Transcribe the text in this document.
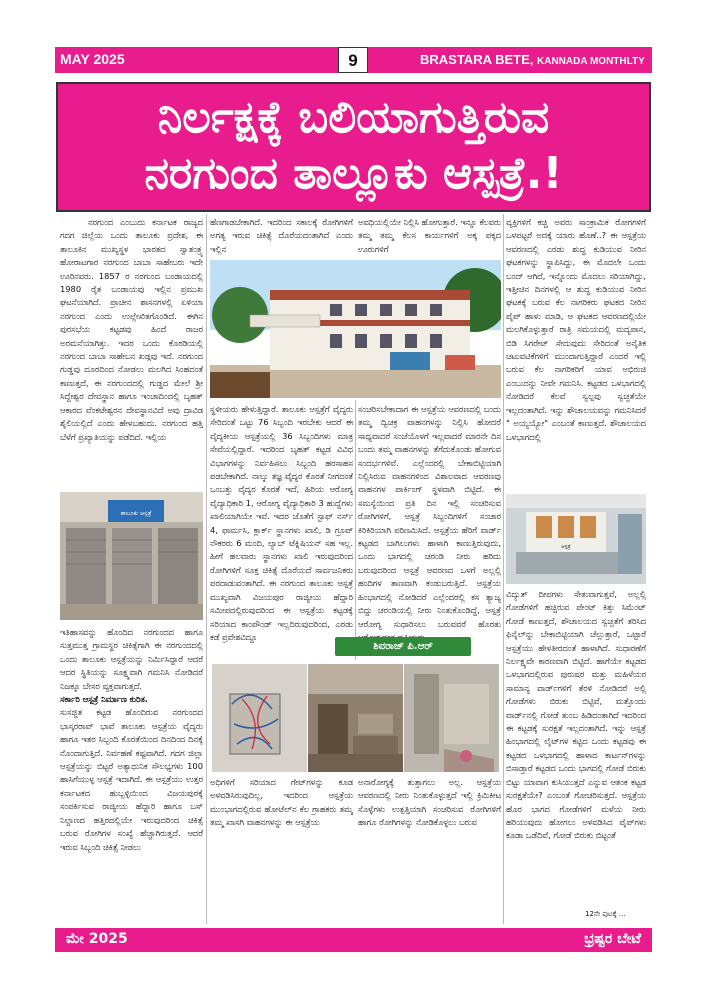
MAY 2025	9	BRASTARA BETE, KANNADA MONTHLTY
ನಿರ್ಲಕ್ಷಕ್ಕೆ ಬಲಿಯಾಗುತ್ತಿರುವ
ನರಗುಂದ ತಾಲ್ಲೂಕು ಆಸ್ಪತ್ರೆ.!

ನರಗುಂದ ಎಂಬುದು ಕರ್ನಾಟಕ ರಾಜ್ಯದ ಗದಗ ಜಿಲ್ಲೆಯ ಒಂದು ತಾಲೂಕು ಪ್ರದೇಶ, ಈ ತಾಲೂಕಿನ ಮುಖ್ಯಸ್ಥಳ ಭಾರತದ ಸ್ವಾತಂತ್ರ್ಯ ಹೋರಾಟಗಾರ ನರಗುಂದ ಬಾಬಾ ಸಾಹೇಬರು ಇದೇ ಊರಿನವರು. 1857 ರ ನರಗುಂದ ಬಂಡಾಯದಲ್ಲಿ 1980 ರೈತ ಬಂಡಾಯವು ಇಲ್ಲಿನ ಪ್ರಮುಖ ಘಟನೆಯಾಗಿದೆ. ಪ್ರಾಚೀನ ಶಾಸನಗಳಲ್ಲಿ ಏಳಿಯಾ ನರಗುಂದ ಎಂದು ಉಲ್ಲೇಖಿತಗೊಂಡಿದೆ. ಈಗಿನ ಪುರಸಭೆಯ ಕಟ್ಟಡವು ಹಿಂದೆ ರಾಜರ ಅರಮನೆಯಾಗಿತ್ತು. ಇದರ ಒಂದು ಕೊಠಡಿಯಲ್ಲಿ ನರಗುಂದ ಬಾಬಾ ಸಾಹೇಬನ ಖಡ್ಗವು ಇದೆ. ನರಗುಂದ ಗುಡ್ಡವು ದೂರದಿಂದ ನೋಡಲು ಮಲಗಿದ ಸಿಂಹದಂತೆ ಕಾಣುತ್ತದೆ, ಈ ನರಗುಂದದಲ್ಲಿ ಗುಡ್ಡದ ಮೇಲೆ ಶ್ರೀ ಸಿದ್ದೇಶ್ವರ ದೇವಸ್ಥಾನ ಹಾಗೂ ಇಂಚಾದಿಂದಲ್ಲಿ ಬೃಹತ್ ಆಕಾರದ ವೆಂಕಟೇಶ್ವರನ ದೇವಸ್ಥಾನವಿದೆ ಅವು ದ್ರಾವಿಡ ಶೈಲಿಯಲ್ಲಿದೆ ಎಂದು ಹೇಳಬಹುದು. ನರಗುಂದ ಹತ್ತಿ ಬೆಳೆಗೆ ಪ್ರಖ್ಯಾತಿಯನ್ನು ಪಡೆದಿದೆ. ಇಲ್ಲಿಯ

ತಾಲೂಕು ಆಸ್ಪತ್ರೆ

ಇತಿಹಾಸವನ್ನು ಹೊಂದಿದ ನರಗುಂದದ ಹಾಗೂ ಸುತ್ತಮುತ್ತ ಗ್ರಾಮಸ್ಥರ ಚಿಕಿತ್ಸೆಗಾಗಿ ಈ ನರಗುಂದದಲ್ಲಿ ಒಂದು ತಾಲೂಕು ಆಸ್ಪತ್ರೆಯನ್ನು ನಿರ್ಮಿಸಿದ್ದಾರೆ ಆದರೆ ಆದರ ಸ್ಥಿತಿಯನ್ನು ಸೂಕ್ಷ್ಮವಾಗಿ ಗಮನಿಸಿ ನೋಡಿದರೆ ನಿಜಕ್ಕೂ ಬೇಸರ ವ್ಯಕ್ತವಾಗುತ್ತದೆ.

ಸರ್ಕಾರಿ ಆಸ್ಪತ್ರೆ ನಿರ್ಮಾಣ ಕುರಿತ.

ಸುಸಜ್ಜಿತ ಕಟ್ಟಡ ಹೊಂದಿರುವ ನರಗುಂದದ ಭಾಸ್ಕರರಾವ್ ಭಾವೆ ತಾಲೂಕು ಆಸ್ಪತ್ರೆಯ ವೈದ್ಯರು ಹಾಗೂ ಇತರ ಸಿಬ್ಬಂದಿ ಕೊರತೆಯಿಂದ ದಿನದಿಂದ ದಿನಕ್ಕೆ ನೊಂದಾಗುತ್ತಿದೆ. ನಿರ್ವಹಣೆ ಕಷ್ಟವಾಗಿದೆ. ಗದಗ ಜಿಲ್ಲಾ ಆಸ್ಪತ್ರೆಯನ್ನು ಬಿಟ್ಟರೆ ಅತ್ಯಾಧುನಿಕ ಸೌಲಭ್ಯಗಳು 100 ಹಾಸಿಗೆಯುಳ್ಳ ಆಸ್ಪತ್ರೆ ಇದಾಗಿದೆ. ಈ ಆಸ್ಪತ್ರೆಯು ಉತ್ತರ ಕರ್ನಾಟಕದ ಹುಬ್ಬಳ್ಳಿಯಿಂದ ವಿಜಯಪುರಕ್ಕೆ ಸಂಪರ್ಕಿಸುವ ರಾಜ್ಯೀಯ ಹೆದ್ದಾರಿ ಹಾಗೂ ಬಸ್ ನಿಲ್ದಾಣದ ಹತ್ತಿರದಲ್ಲಿಯೇ ಇರುವುದರಿಂದ ಚಿಕಿತ್ಸೆ ಬರುವ ರೋಗಿಗಳ ಸಂಖ್ಯೆ ಹೆಚ್ಚಾಗಿರುತ್ತದೆ. ಆದರೆ ಇರುವ ಸಿಬ್ಬಂದಿ ಚಿಕಿತ್ಸೆ ನೀಡಲು

ಹೆಣಗಾಡಬೇಕಾಗಿದೆ. ಇದರಿಂದ ಸಕಾಲಕ್ಕೆ ರೋಗಿಗಳಿಗೆ ಅಗತ್ಯ ಇರುವ ಚಿಕಿತ್ಸೆ ದೊರೆಯದಂತಾಗಿದೆ ಎಂದು ಇಲ್ಲಿನ

ಅವಧಿಯಲ್ಲಿಯೇ ನಿಲ್ಲಿಸಿ ಹೋಗುತ್ತಾರೆ. ಇನ್ನೂ ಕೆಲವರು ತಮ್ಮ ತಮ್ಮ ಕೆಲಸ ಕಾರ್ಯಗಳಿಗೆ ಅಕ್ಕ ಪಕ್ಕದ ಊರುಗಳಿಗೆ

ವ್ಯಕ್ತಿಗಳಿಗೆ ಕಚ್ಚಿ ಅವರು ಸಾಂಕ್ರಾಮಿಕ ರೋಗಗಳಿಗೆ ಒಳಪಟ್ಟರೆ ಅದಕ್ಕೆ ಯಾರು ಹೊಣೆ..? ಈ ಆಸ್ಪತ್ರೆಯ ಆವರಣದಲ್ಲಿ ಎರಡು ಶುದ್ಧ ಕುಡಿಯುವ ನೀರಿನ ಘಟಕಗಳನ್ನು ಸ್ಥಾಪಿಸಿದ್ದು, ಈ ಮೊದಲೇ ಒಂದು ಬಂದ್ ಆಗಿದೆ, ಇನ್ನೊಂದು ಮೊದಲು ಸರಿಯಾಗಿದ್ದು, ಇತ್ತೀಚಿನ ದಿನಗಳಲ್ಲಿ ಆ ಶುದ್ಧ ಕುಡಿಯುವ ನೀರಿನ ಘಟಕಕ್ಕೆ ಬರುವ ಕೆಲ ನಾಗರಿಕರು ಘಟಕದ ನೀರಿನ ಪೈಪ್ ಹಾಳು ಮಾಡಿ, ಆ ಘಟಕದ ಆವರಣದಲ್ಲಿಯೇ ಮಲಗಿಕೊಳ್ಳುತ್ತಾರೆ ರಾತ್ರಿ ಸಮಯದಲ್ಲಿ ಮದ್ಯಪಾನ, ಬಿಡಿ ಸಿಗರೇಟ್ ಸೇದುವುದು ಸೇರಿದಂತೆ ಅನೈತಿಕ ಚಟುವಟಿಕೆಗಳಿಗೆ ಮುಂದಾಗುತ್ತಿದ್ದಾರೆ ಎಂದರೆ ಇಲ್ಲಿ ಬರುವ ಕೆಲ ನಾಗರಿಕರಿಗೆ ಯಾವ ಅಭಿರುಚಿ ಎಂಬುದನ್ನು ನೀವೇ ಗಮನಿಸಿ. ಕಟ್ಟಡದ ಒಳಭಾಗದಲ್ಲಿ ನೋಡಿದರೆ ಕೆಲವೆ ಸ್ವಲ್ಪವು ಸ್ವಚ್ಛತೆಯೇ ಇಲ್ಲದಂತಾಗಿದೆ. ಇನ್ನು ಶೌಚಾಲಯವನ್ನು ಗಮನಿಸಿದರೆ " ಅಯ್ಯಯ್ಯೋ" ಎಂಬಂತೆ ಕಾಣುತ್ತದೆ. ಶೌಚಾಲಯದ ಒಳಭಾಗದಲ್ಲಿ

ಸ್ಥಳೀಯರು ಹೇಳುತ್ತಿದ್ದಾರೆ. ತಾಲೂಕು ಆಸ್ಪತ್ರೆಗೆ ವೈದ್ಯರು ಸೇರಿದಂತೆ ಒಟ್ಟು 76 ಸಿಬ್ಬಂದಿ ಇರಬೇಕು ಆದರೆ ಈ ವೈದ್ಯಕೀಯ ಆಸ್ಪತ್ರೆಯಲ್ಲಿ 36 ಸಿಬ್ಬಂದಿಗಳು ಮಾತ್ರ ಸೇವೆಯಲ್ಲಿದ್ದಾರೆ. ಇದರಿಂದ ಬೃಹತ್ ಕಟ್ಟಡ ವಿವಿಧ ವಿಭಾಗಗಳನ್ನು ನಿರ್ವಹಿಸಲು ಸಿಬ್ಬಂದಿ ಹರಸಾಹಸ ಪಡಬೇಕಾಗಿದೆ. ನಾಲ್ಕು ತಜ್ಞ ವೈದ್ಯರ ಕೊರತೆ ನೀಗದಂತೆ ಒಂಬತ್ತು ವೈದ್ಯರ ಕೊರತೆ ಇದೆ, ಹಿರಿಯ ಆರೋಗ್ಯ ವೈದ್ಯಾಧಿಕಾರಿ 1, ಆರೋಗ್ಯ ವೈದ್ಯಾಧಿಕಾರಿ 3 ಹುದ್ದೆಗಳು ಖಾಲಿಯಾಗಿಯೇ ಇವೆ. ಇದರ ಜೊತೆಗೆ ಸ್ಟಾಫ್ ನರ್ಸ್ 4, ಫಾರ್ಮಸಿ, ಕ್ಲಾರ್ಕ್ ಸ್ಥಾನಗಳು ಖಾಲಿ, ಡಿ ಗ್ರೂಪ್ ನೌಕರರು 6 ಮಂದಿ, ಲ್ಯಾಬ್ ಟೆಕ್ನಿಷಿಯನ್ ಸಹ ಇಲ್ಲ. ಹೀಗೆ ಹಲವಾರು ಸ್ಥಾನಗಳು ಖಾಲಿ ಇರುವುದರಿಂದ ರೋಗಿಗಳಿಗೆ ಸೂಕ್ತ ಚಿಕಿತ್ಸೆ ದೊರೆಯದೆ ಸಾರ್ವಜನಿಕರು ಪರದಾಡುವಂತಾಗಿದೆ. ಈ ನರಗುಂದ ತಾಲೂಕು ಆಸ್ಪತ್ರೆ ಮುಖ್ಯವಾಗಿ ವಿಜಯಪುರ ರಾಜ್ಯೀಯ ಹೆದ್ದಾರಿ ಸಮೀಪದಲ್ಲಿರುವುದರಿಂದ ಈ ಆಸ್ಪತ್ರೆಯ ಕಟ್ಟಡಕ್ಕೆ ಸರಿಯಾದ ಕಾಂಪೌಂಡ್ ಇಲ್ಲದಿರುವುದರಿಂದ, ಎರಡು ಕಡೆ ಪ್ರವೇಶವಿದ್ದೂ

ಸಂಚರಿಸಬೇಕಾದಾಗ ಈ ಆಸ್ಪತ್ರೆಯ ಆವರಣದಲ್ಲಿ ಬಂದು ತಮ್ಮ ದ್ವಿಚಕ್ರ ವಾಹನಗಳನ್ನು ನಿಲ್ಲಿಸಿ ಹೋದರೆ ಸಾಧ್ಯವಾದರೆ ಸಂಜೆಯೊಳಗೆ ಇಲ್ಲವಾದರೆ ಮಾರನೇ ದಿನ ಬಂದು ತಮ್ಮ ವಾಹನಗಳನ್ನು ತೆಗೆದುಕೊಂಡು ಹೋಗುವ ಸಂದರ್ಭಗಳಿವೆ. ಎಲ್ಲೆಂದರಲ್ಲಿ ಬೇಕಾಬಿಟ್ಟಿಯಾಗಿ ನಿಲ್ಲಿಸಿರುವ ವಾಹನಗಳಿಂದ ವಿಶಾಲವಾದ ಆವರಣವು ವಾಹನಗಳ ಪಾರ್ಕಿಂಗ್ ಸ್ಥಳವಾಗಿ ಬಿಟ್ಟಿದೆ. ಈ ಸಮಸ್ಯೆಯಿಂದ ಪ್ರತಿ ದಿನ ಇಲ್ಲಿ ಸಂಚರಿಸುವ ರೋಗಿಗಳಿಗೆ, ಆಸ್ಪತ್ರೆ ಸಿಬ್ಬಂದಿಗಳಿಗೆ ಸಂಚಾರ ಕಿರಿಕಿರಿಯಾಗಿ ಪರಿಣಮಿಸಿದೆ. ಆಸ್ಪತ್ರೆಯ ಹೆರಿಗೆ ವಾರ್ಡ್ ಕಟ್ಟಡದ ಬಾಗಿಲುಗಳು ಹಾಳಾಗಿ ಕಾಣುತ್ತಿರುವುದು, ಒಂದು ಭಾಗದಲ್ಲಿ ಚರಂಡಿ ನೀರು ಹರಿದು ಬರುವುದರಿಂದ ಆಸ್ಪತ್ರೆ ಆವರಣದ ಒಳಗೆ ಅಲ್ಲಲ್ಲಿ ಹಂದಿಗಳ ತಾಣವಾಗಿ ಕಂಡುಬರುತ್ತಿದೆ. ಆಸ್ಪತ್ರೆಯ ಹಿಂಭಾಗದಲ್ಲಿ ನೋಡಿದರೆ ಎಲ್ಲೆಂದರಲ್ಲಿ ಕಸ ತ್ಯಾಜ್ಯ ಬಿದ್ದು ಚರಂಡಿಯಲ್ಲಿ ನೀರು ನಿಂತುಕೊಂಡಿದ್ದೆ, ಆಸ್ಪತ್ರೆ ಆರೋಗ್ಯ ಸುಧಾರಿಸಲು ಬರುವವರೆ ಹೊರತು

ಶಿವರಾಜ್ ಪಿ.ಆರ್
ಆಸ್ಪತ್ರೆ

ವಿದ್ಯುತ್ ದೀಪಗಳು ಸೇತುವಾಗುತ್ತವೆ, ಅಲ್ಲಲ್ಲಿ ಗೋಡೆಗಳಿಗೆ ಹಚ್ಚಿರುವ ಪೇಂಟ್ ಕಿತ್ತು ಸಿಮೆಂಟ್ ಗೋಡೆ ಕಾಣುತ್ತದೆ, ಶೌಚಾಲಯದ ಸ್ವಚ್ಛತೆಗೆ ತರಿಸಿದ ಫಿನೈಲ್‌ನ್ನು ಬೇಕಾಬಿಟ್ಟಿಯಾಗಿ ಚೆಲ್ಲುತ್ತಾರೆ, ಒಟ್ಟಾರೆ ಆಸ್ಪತ್ರೆಯು ಹೇಳತೀರದಂತೆ ಹಾಳಾಗಿದೆ. ಸುಧಾರಣೆಗೆ ನಿರ್ಲಕ್ಷ್ಯವೇ ಕಾರಣವಾಗಿ ಬಿಟ್ಟಿದೆ. ಹಾಗೆಯೇ ಕಟ್ಟಡದ ಒಳಭಾಗದಲ್ಲಿರುವ ಪುರುಷರ ಮತ್ತು ಮಹಿಳೆಯರ ಸಾಮಾನ್ಯ ವಾರ್ಡ್‌ಗಳಿಗೆ ತೆರಳಿ ನೋಡಿದರೆ ಅಲ್ಲಿ ಗೋಡೆಗಳು ಬಿರುಕು ಬಿಟ್ಟಿವೆ, ಮತ್ತೊಂದು ವಾರ್ಡ್‌ನಲ್ಲಿ ಗೋಡೆ ತುಂಬ ಹಿಡಿದಂತಾಗಿದೆ ಇದರಿಂದ ಈ ಕಟ್ಟಡಕ್ಕೆ ಸುರಕ್ಷತೆ ಇಲ್ಲದಂತಾಗಿದೆ. ಇನ್ನು ಆಸ್ಪತ್ರೆ ಹಿಂಭಾಗದಲ್ಲಿ ಲೈಟ್‌ಗಳ ಕಟ್ಟಿದ ಒಂದು ಕಟ್ಟಡವು ಈ ಕಟ್ಟಡದ ಒಳಭಾಗದಲ್ಲಿ ಹಾಳಾದ ಕಾರ್ಟನ್‌ಗಳನ್ನು ಬಿಸಾಡ್ತಾರೆ ಕಟ್ಟಡದ ಒಂದು ಭಾಗದಲ್ಲಿ ಗೋಡೆ ಬಿರುಕು ಬಿಟ್ಟು ಯಾವಾಗ ಕುಸಿಯುತ್ತದೆ ಎನ್ನುವ ಆತಂಕ ಕಟ್ಟಡ ಸುರಕ್ಷತೆಯೇ? ಎಂಬಂತೆ ಗೋಚರಿಸುತ್ತದೆ. ಆಸ್ಪತ್ರೆಯ ಹೊರ ಭಾಗದ ಗೋಡೆಗಳಿಗೆ ಮಳೆಯ ನೀರು ಹರಿಯುವುದು ಹೋಗಲು ಅಳವಡಿಸಿದ ಪೈಪ್‌ಗಳು ಕೂಡಾ ಒಡೆದಿವೆ, ಗೋಡೆ ಬಿರುಕು ಬಿಟ್ಟಂತೆ

ಅಧಿಗಳಿಗೆ ಸರಿಯಾದ ಗೇಟ್‌ಗಳನ್ನು ಕೂಡ ಅಳವಡಿಸಿರುವುದಿಲ್ಲ, ಇದರಿಂದ ಆಸ್ಪತ್ರೆಯ ಮುಂಭಾಗದಲ್ಲಿರುವ ಹೋಟೆಲ್‌ನ ಕೆಲ ಗ್ರಾಹಕರು ತಮ್ಮ ತಮ್ಮ ಖಾಸಗಿ ವಾಹನಗಳನ್ನು ಈ ಆಸ್ಪತ್ರೆಯ

ಅನಾರೋಗ್ಯಕ್ಕೆ ತುತ್ತಾಗಲು ಅಲ್ಲ. ಆಸ್ಪತ್ರೆಯ ಆವರಣದಲ್ಲಿ ನೀರು ನಿಂತುಕೊಳ್ಳುತ್ತದೆ ಇಲ್ಲಿ ಕ್ರಿಮಿಕೀಟ ಸೊಳ್ಳೆಗಳು ಉತ್ಪತ್ತಿಯಾಗಿ ಸಂಚರಿಸುವ ರೋಗಿಗಳಿಗೆ ಹಾಗೂ ರೋಗಿಗಳನ್ನು ನೋಡಿಕೊಳ್ಳಲು ಬರುವ

12ನೇ ಪುಟಕ್ಕೆ ...
ಮೇ 2025	ಭ್ರಷ್ಟರ ಬೇಟೆ
